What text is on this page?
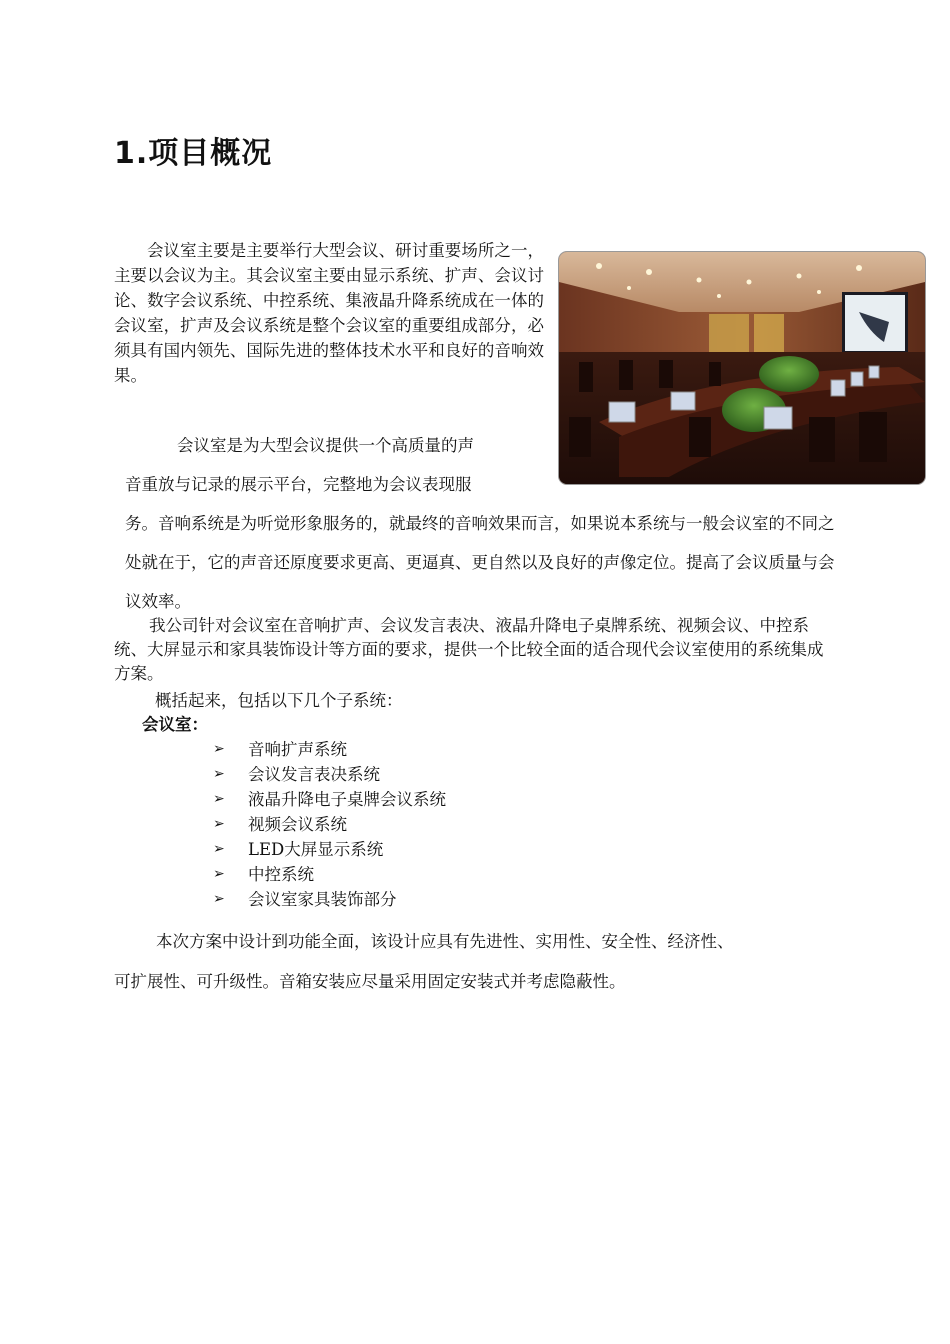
1.项目概况

会议室主要是主要举行大型会议、研讨重要场所之一，主要以会议为主。其会议室主要由显示系统、扩声、会议讨论、数字会议系统、中控系统、集液晶升降系统成在一体的会议室，扩声及会议系统是整个会议室的重要组成部分，必须具有国内领先、国际先进的整体技术水平和良好的音响效果。

会议室是为大型会议提供一个高质量的声
音重放与记录的展示平台，完整地为会议表现服

务。音响系统是为听觉形象服务的，就最终的音响效果而言，如果说本系统与一般会议室的不同之处就在于，它的声音还原度要求更高、更逼真、更自然以及良好的声像定位。提高了会议质量与会议效率。

我公司针对会议室在音响扩声、会议发言表决、液晶升降电子桌牌系统、视频会议、中控系统、大屏显示和家具装饰设计等方面的要求，提供一个比较全面的适合现代会议室使用的系统集成方案。

概括起来，包括以下几个子系统：

会议室：
➢	音响扩声系统
➢	会议发言表决系统
➢	液晶升降电子桌牌会议系统
➢	视频会议系统
➢	LED大屏显示系统
➢	中控系统
➢	会议室家具装饰部分
本次方案中设计到功能全面，该设计应具有先进性、实用性、安全性、经济性、
可扩展性、可升级性。音箱安装应尽量采用固定安装式并考虑隐蔽性。
